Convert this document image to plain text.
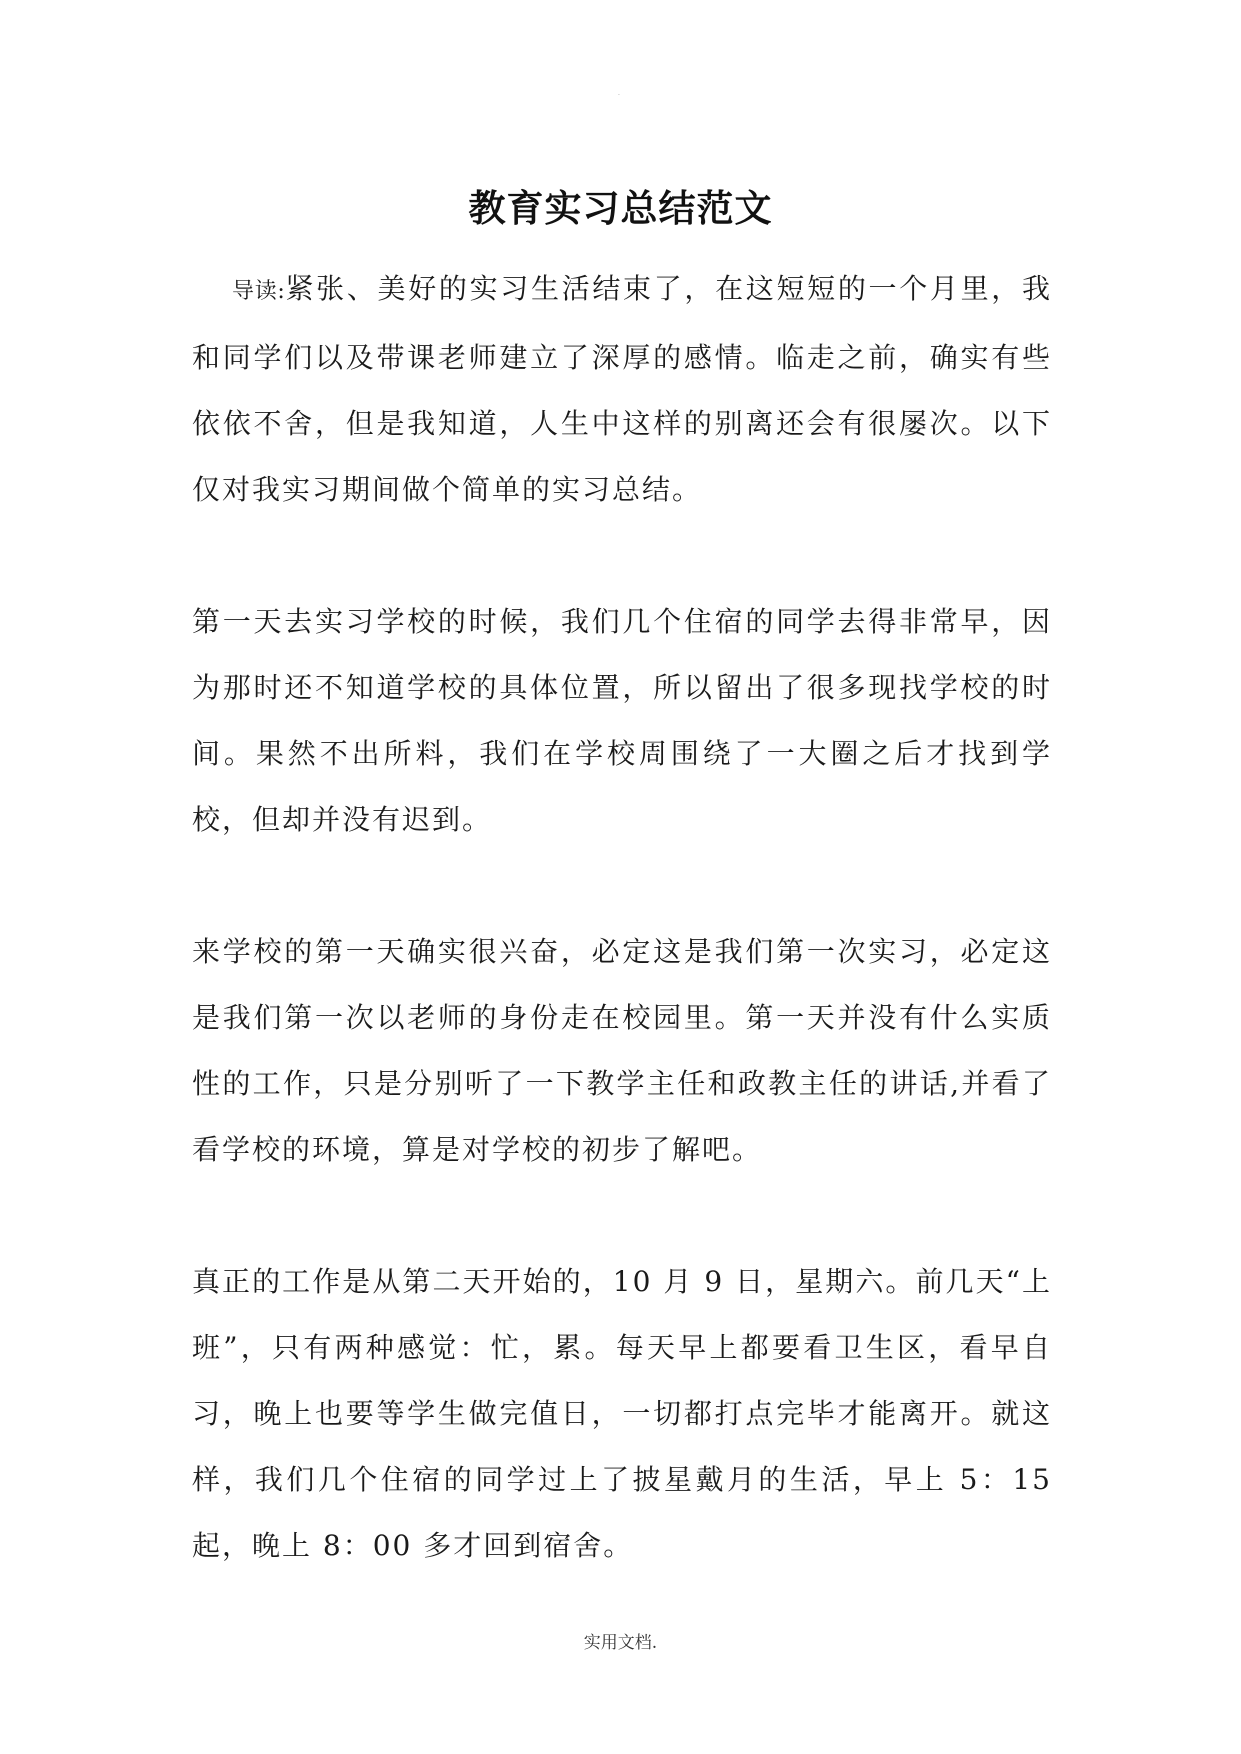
.
教育实习总结范文

导读:紧张、美好的实习生活结束了，在这短短的一个月里，我和同学们以及带课老师建立了深厚的感情。临走之前，确实有些依依不舍，但是我知道，人生中这样的别离还会有很屡次。以下仅对我实习期间做个简单的实习总结。

第一天去实习学校的时候，我们几个住宿的同学去得非常早，因为那时还不知道学校的具体位置，所以留出了很多现找学校的时间。果然不出所料，我们在学校周围绕了一大圈之后才找到学校，但却并没有迟到。

来学校的第一天确实很兴奋，必定这是我们第一次实习，必定这是我们第一次以老师的身份走在校园里。第一天并没有什么实质性的工作，只是分别听了一下教学主任和政教主任的讲话,并看了看学校的环境，算是对学校的初步了解吧。

真正的工作是从第二天开始的，10 月 9 日，星期六。前几天“上班”，只有两种感觉：忙，累。每天早上都要看卫生区，看早自习，晚上也要等学生做完值日，一切都打点完毕才能离开。就这样，我们几个住宿的同学过上了披星戴月的生活，早上 5：15 起，晚上 8：00 多才回到宿舍。

实用文档.
